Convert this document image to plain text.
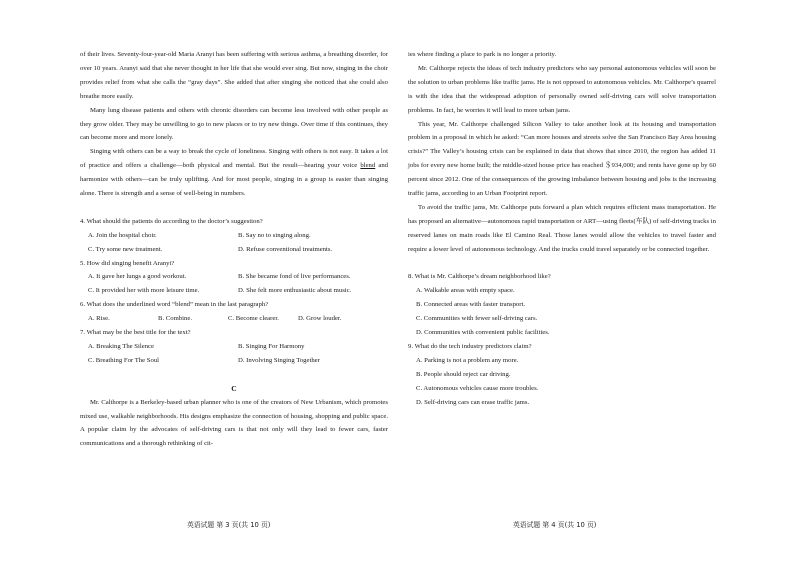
of their lives. Seventy-four-year-old Maria Aranyi has been suffering with serious asthma, a breathing disorder, for over 10 years. Aranyi said that she never thought in her life that she would ever sing. But now, singing in the choir provides relief from what she calls the “gray days”. She added that after singing she noticed that she could also breathe more easily.

Many lung disease patients and others with chronic disorders can become less involved with other people as they grow older. They may be unwilling to go to new places or to try new things. Over time if this continues, they can become more and more lonely.

Singing with others can be a way to break the cycle of loneliness. Singing with others is not easy. It takes a lot of practice and offers a challenge—both physical and mental. But the result—hearing your voice blend and harmonize with others—can be truly uplifting. And for most people, singing in a group is easier than singing alone. There is strength and a sense of well-being in numbers.

4. What should the patients do according to the doctor’s suggestion?

A. Join the hospital choir.	B. Say no to singing along.
C. Try some new treatment.	D. Refuse conventional treatments.

5. How did singing benefit Aranyi?

A. It gave her lungs a good workout.	B. She became fond of live performances.
C. It provided her with more leisure time.	D. She felt more enthusiastic about music.

6. What does the underlined word “blend” mean in the last paragraph?

A. Rise.	B. Combine.	C. Become clearer.	D. Grow louder.

7. What may be the best title for the text?

A. Breaking The Silence	B. Singing For Harmony
C. Breathing For The Soul	D. Involving Singing Together
C

Mr. Calthorpe is a Berkeley-based urban planner who is one of the creators of New Urbanism, which promotes mixed use, walkable neighborhoods. His designs emphasize the connection of housing, shopping and public space. A popular claim by the advocates of self-driving cars is that not only will they lead to fewer cars, faster communications and a thorough rethinking of cit-

ies where finding a place to park is no longer a priority.

Mr. Calthorpe rejects the ideas of tech industry predictors who say personal autonomous vehicles will soon be the solution to urban problems like traffic jams. He is not opposed to autonomous vehicles. Mr. Calthorpe’s quarrel is with the idea that the widespread adoption of personally owned self-driving cars will solve transportation problems. In fact, he worries it will lead to more urban jams.

This year, Mr. Calthorpe challenged Silicon Valley to take another look at its housing and transportation problem in a proposal in which he asked: “Can more houses and streets solve the San Francisco Bay Area housing crisis?” The Valley’s housing crisis can be explained in data that shows that since 2010, the region has added 11 jobs for every new home built; the middle-sized house price has reached ＄934,000; and rents have gone up by 60 percent since 2012. One of the consequences of the growing imbalance between housing and jobs is the increasing traffic jams, according to an Urban Footprint report.

To avoid the traffic jams, Mr. Calthorpe puts forward a plan which requires efficient mass transportation. He has proposed an alternative—autonomous rapid transportation or ART—using fleets(车队) of self-driving tracks in reserved lanes on main roads like El Camino Real. Those lanes would allow the vehicles to travel faster and require a lower level of autonomous technology. And the trucks could travel separately or be connected together.

8. What is Mr. Calthorpe’s dream neighborhood like?

A. Walkable areas with empty space.
B. Connected areas with faster transport.
C. Communities with fewer self-driving cars.
D. Communities with convenient public facilities.

9. What do the tech industry predictors claim?

A. Parking is not a problem any more.
B. People should reject car driving.
C. Autonomous vehicles cause more troubles.
D. Self-driving cars can erase traffic jams.
英语试题 第 3 页(共 10 页)	英语试题 第 4 页(共 10 页)
